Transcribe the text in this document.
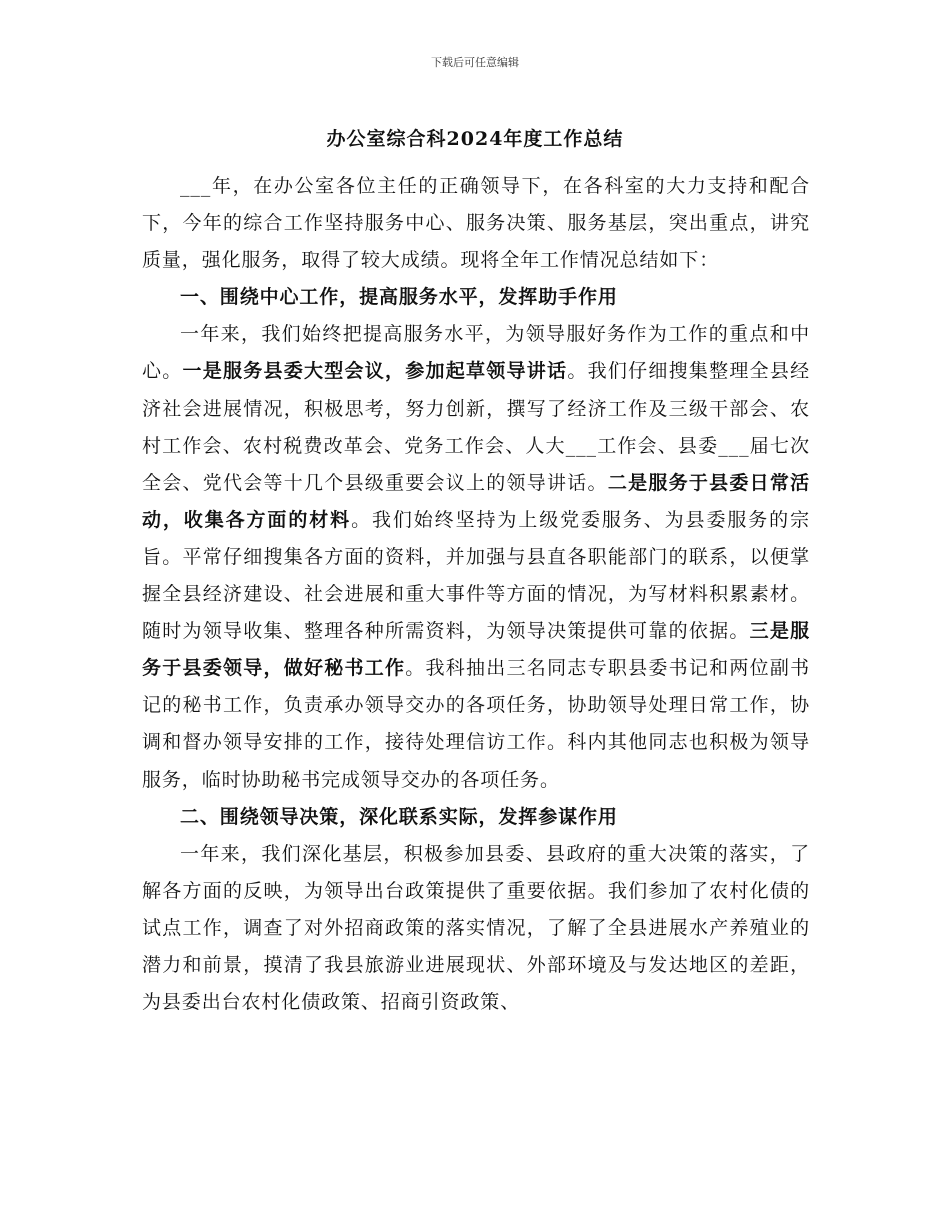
下载后可任意编辑
办公室综合科2024年度工作总结

___年，在办公室各位主任的正确领导下，在各科室的大力支持和配合下，今年的综合工作坚持服务中心、服务决策、服务基层，突出重点，讲究质量，强化服务，取得了较大成绩。现将全年工作情况总结如下：

一、围绕中心工作，提高服务水平，发挥助手作用

一年来，我们始终把提高服务水平，为领导服好务作为工作的重点和中心。一是服务县委大型会议，参加起草领导讲话。我们仔细搜集整理全县经济社会进展情况，积极思考，努力创新，撰写了经济工作及三级干部会、农村工作会、农村税费改革会、党务工作会、人大___工作会、县委___届七次全会、党代会等十几个县级重要会议上的领导讲话。二是服务于县委日常活动，收集各方面的材料。我们始终坚持为上级党委服务、为县委服务的宗旨。平常仔细搜集各方面的资料，并加强与县直各职能部门的联系，以便掌握全县经济建设、社会进展和重大事件等方面的情况，为写材料积累素材。随时为领导收集、整理各种所需资料，为领导决策提供可靠的依据。三是服务于县委领导，做好秘书工作。我科抽出三名同志专职县委书记和两位副书记的秘书工作，负责承办领导交办的各项任务，协助领导处理日常工作，协调和督办领导安排的工作，接待处理信访工作。科内其他同志也积极为领导服务，临时协助秘书完成领导交办的各项任务。

二、围绕领导决策，深化联系实际，发挥参谋作用

一年来，我们深化基层，积极参加县委、县政府的重大决策的落实，了解各方面的反映，为领导出台政策提供了重要依据。我们参加了农村化债的试点工作，调查了对外招商政策的落实情况，了解了全县进展水产养殖业的潜力和前景，摸清了我县旅游业进展现状、外部环境及与发达地区的差距，为县委出台农村化债政策、招商引资政策、
